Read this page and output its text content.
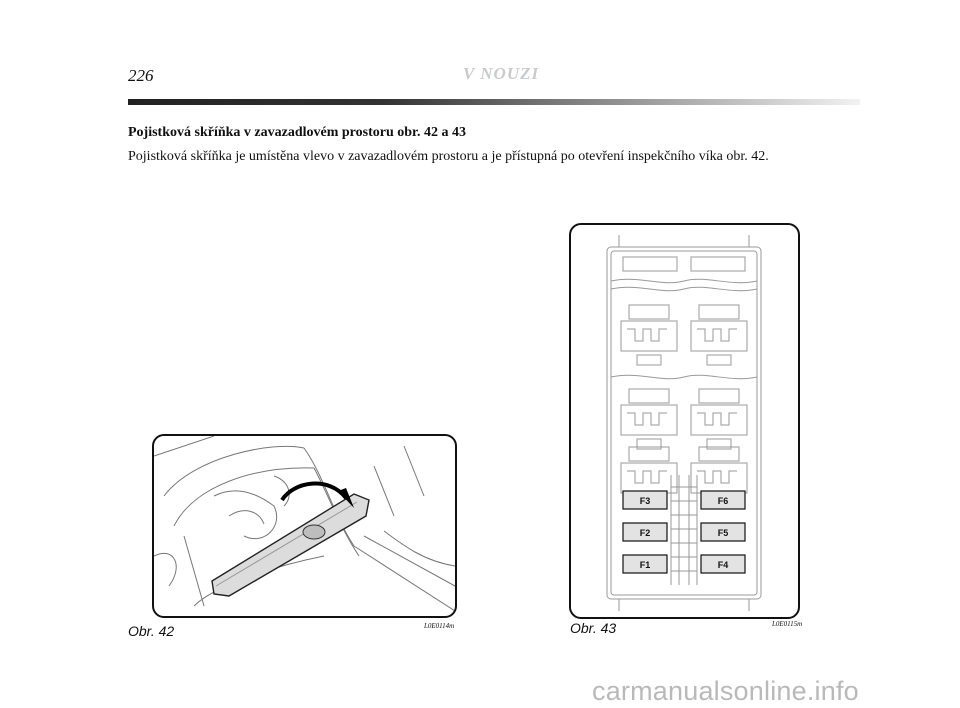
226	V NOUZI
Pojistková skříňka v zavazadlovém prostoru obr. 42 a 43
Pojistková skříňka je umístěna vlevo v zavazadlovém prostoru a je přístupná po otevření inspekčního víka obr. 42.
Obr. 42	L0E0114m
F3
F2
F1
F6
F5
F4
Obr. 43	L0E0115m
carmanualsonline.info
